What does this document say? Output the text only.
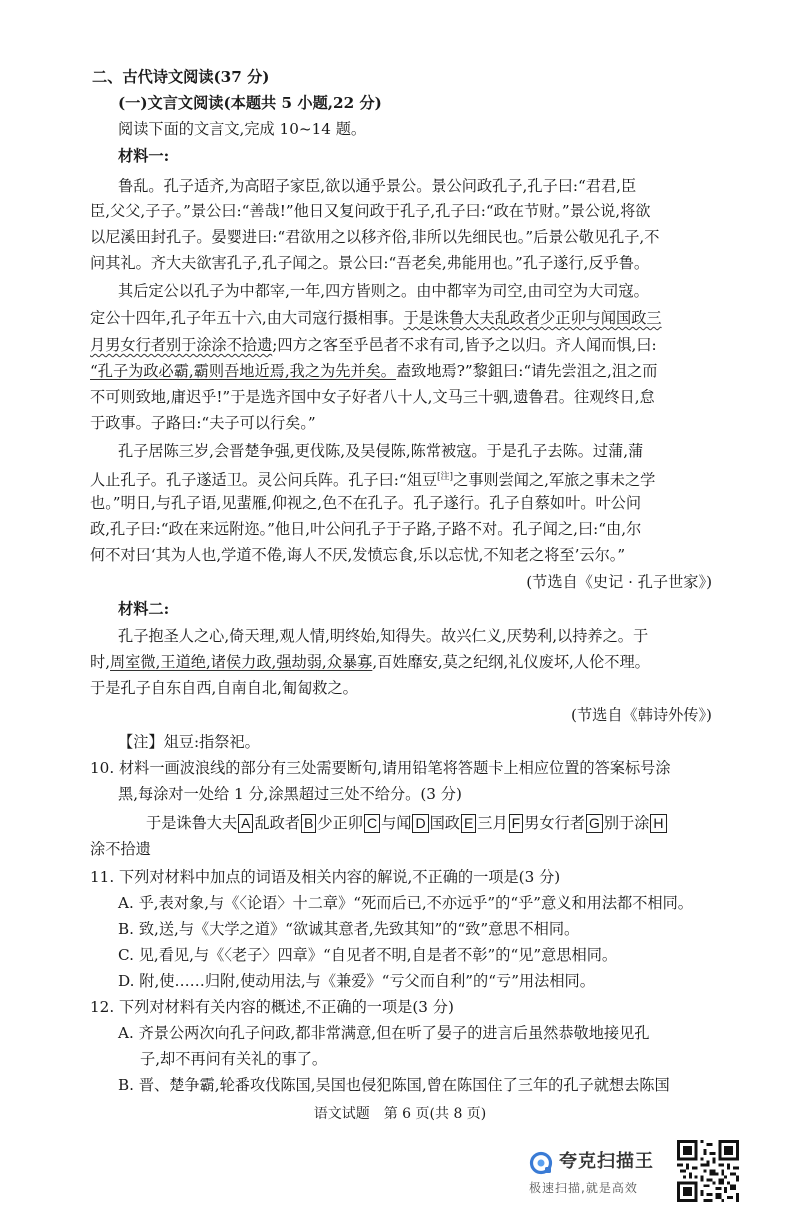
二、古代诗文阅读(37 分)
(一)文言文阅读(本题共 5 小题,22 分)
阅读下面的文言文,完成 10~14 题。
材料一:
鲁乱。孔子适齐,为高昭子家臣,欲以通乎景公。景公问政孔子,孔子曰:“君君,臣
臣,父父,子子。”景公曰:“善哉!”他日又复问政于孔子,孔子曰:“政在节财。”景公说,将欲
以尼溪田封孔子。晏婴进曰:“君欲用之以移齐俗,非所以先细民也。”后景公敬见孔子,不
问其礼。齐大夫欲害孔子,孔子闻之。景公曰:“吾老矣,弗能用也。”孔子遂行,反乎鲁。
其后定公以孔子为中都宰,一年,四方皆则之。由中都宰为司空,由司空为大司寇。
定公十四年,孔子年五十六,由大司寇行摄相事。于是诛鲁大夫乱政者少正卯与闻国政三
月男女行者别于涂涂不拾遗;四方之客至乎邑者不求有司,皆予之以归。齐人闻而惧,曰:
“孔子为政必霸,霸则吾地近焉,我之为先并矣。盍致地焉?”黎鉏曰:“请先尝沮之,沮之而
不可则致地,庸迟乎!”于是选齐国中女子好者八十人,文马三十驷,遗鲁君。往观终日,怠
于政事。子路曰:“夫子可以行矣。”
孔子居陈三岁,会晋楚争强,更伐陈,及吴侵陈,陈常被寇。于是孔子去陈。过蒲,蒲
人止孔子。孔子遂适卫。灵公问兵阵。孔子曰:“俎豆[注]之事则尝闻之,军旅之事未之学
也。”明日,与孔子语,见蜚雁,仰视之,色不在孔子。孔子遂行。孔子自蔡如叶。叶公问
政,孔子曰:“政在来远附迩。”他日,叶公问孔子于子路,子路不对。孔子闻之,曰:“由,尔
何不对曰‘其为人也,学道不倦,诲人不厌,发愤忘食,乐以忘忧,不知老之将至’云尔。”
(节选自《史记 · 孔子世家》)
材料二:
孔子抱圣人之心,倚天理,观人情,明终始,知得失。故兴仁义,厌势利,以持养之。于
时,周室微,王道绝,诸侯力政,强劫弱,众暴寡,百姓靡安,莫之纪纲,礼仪废坏,人伦不理。
于是孔子自东自西,自南自北,匍匐救之。
(节选自《韩诗外传》)
【注】俎豆:指祭祀。
10. 材料一画波浪线的部分有三处需要断句,请用铅笔将答题卡上相应位置的答案标号涂
黑,每涂对一处给 1 分,涂黑超过三处不给分。(3 分)
于是诛鲁大夫 A 乱政者 B 少正卯 C 与闻 D 国政 E 三月 F 男女行者 G 别于涂 H
涂不拾遗
11. 下列对材料中加点的词语及相关内容的解说,不正确的一项是(3 分)
A. 乎,表对象,与《〈论语〉十二章》“死而后已,不亦远乎”的“乎”意义和用法都不相同。
B. 致,送,与《大学之道》“欲诚其意者,先致其知”的“致”意思不相同。
C. 见,看见,与《〈老子〉四章》“自见者不明,自是者不彰”的“见”意思相同。
D. 附,使……归附,使动用法,与《兼爱》“亏父而自利”的“亏”用法相同。
12. 下列对材料有关内容的概述,不正确的一项是(3 分)
A. 齐景公两次向孔子问政,都非常满意,但在听了晏子的进言后虽然恭敬地接见孔
子,却不再问有关礼的事了。
B. 晋、楚争霸,轮番攻伐陈国,吴国也侵犯陈国,曾在陈国住了三年的孔子就想去陈国
语文试题　第 6 页(共 8 页)
夸克扫描王
极速扫描,就是高效
